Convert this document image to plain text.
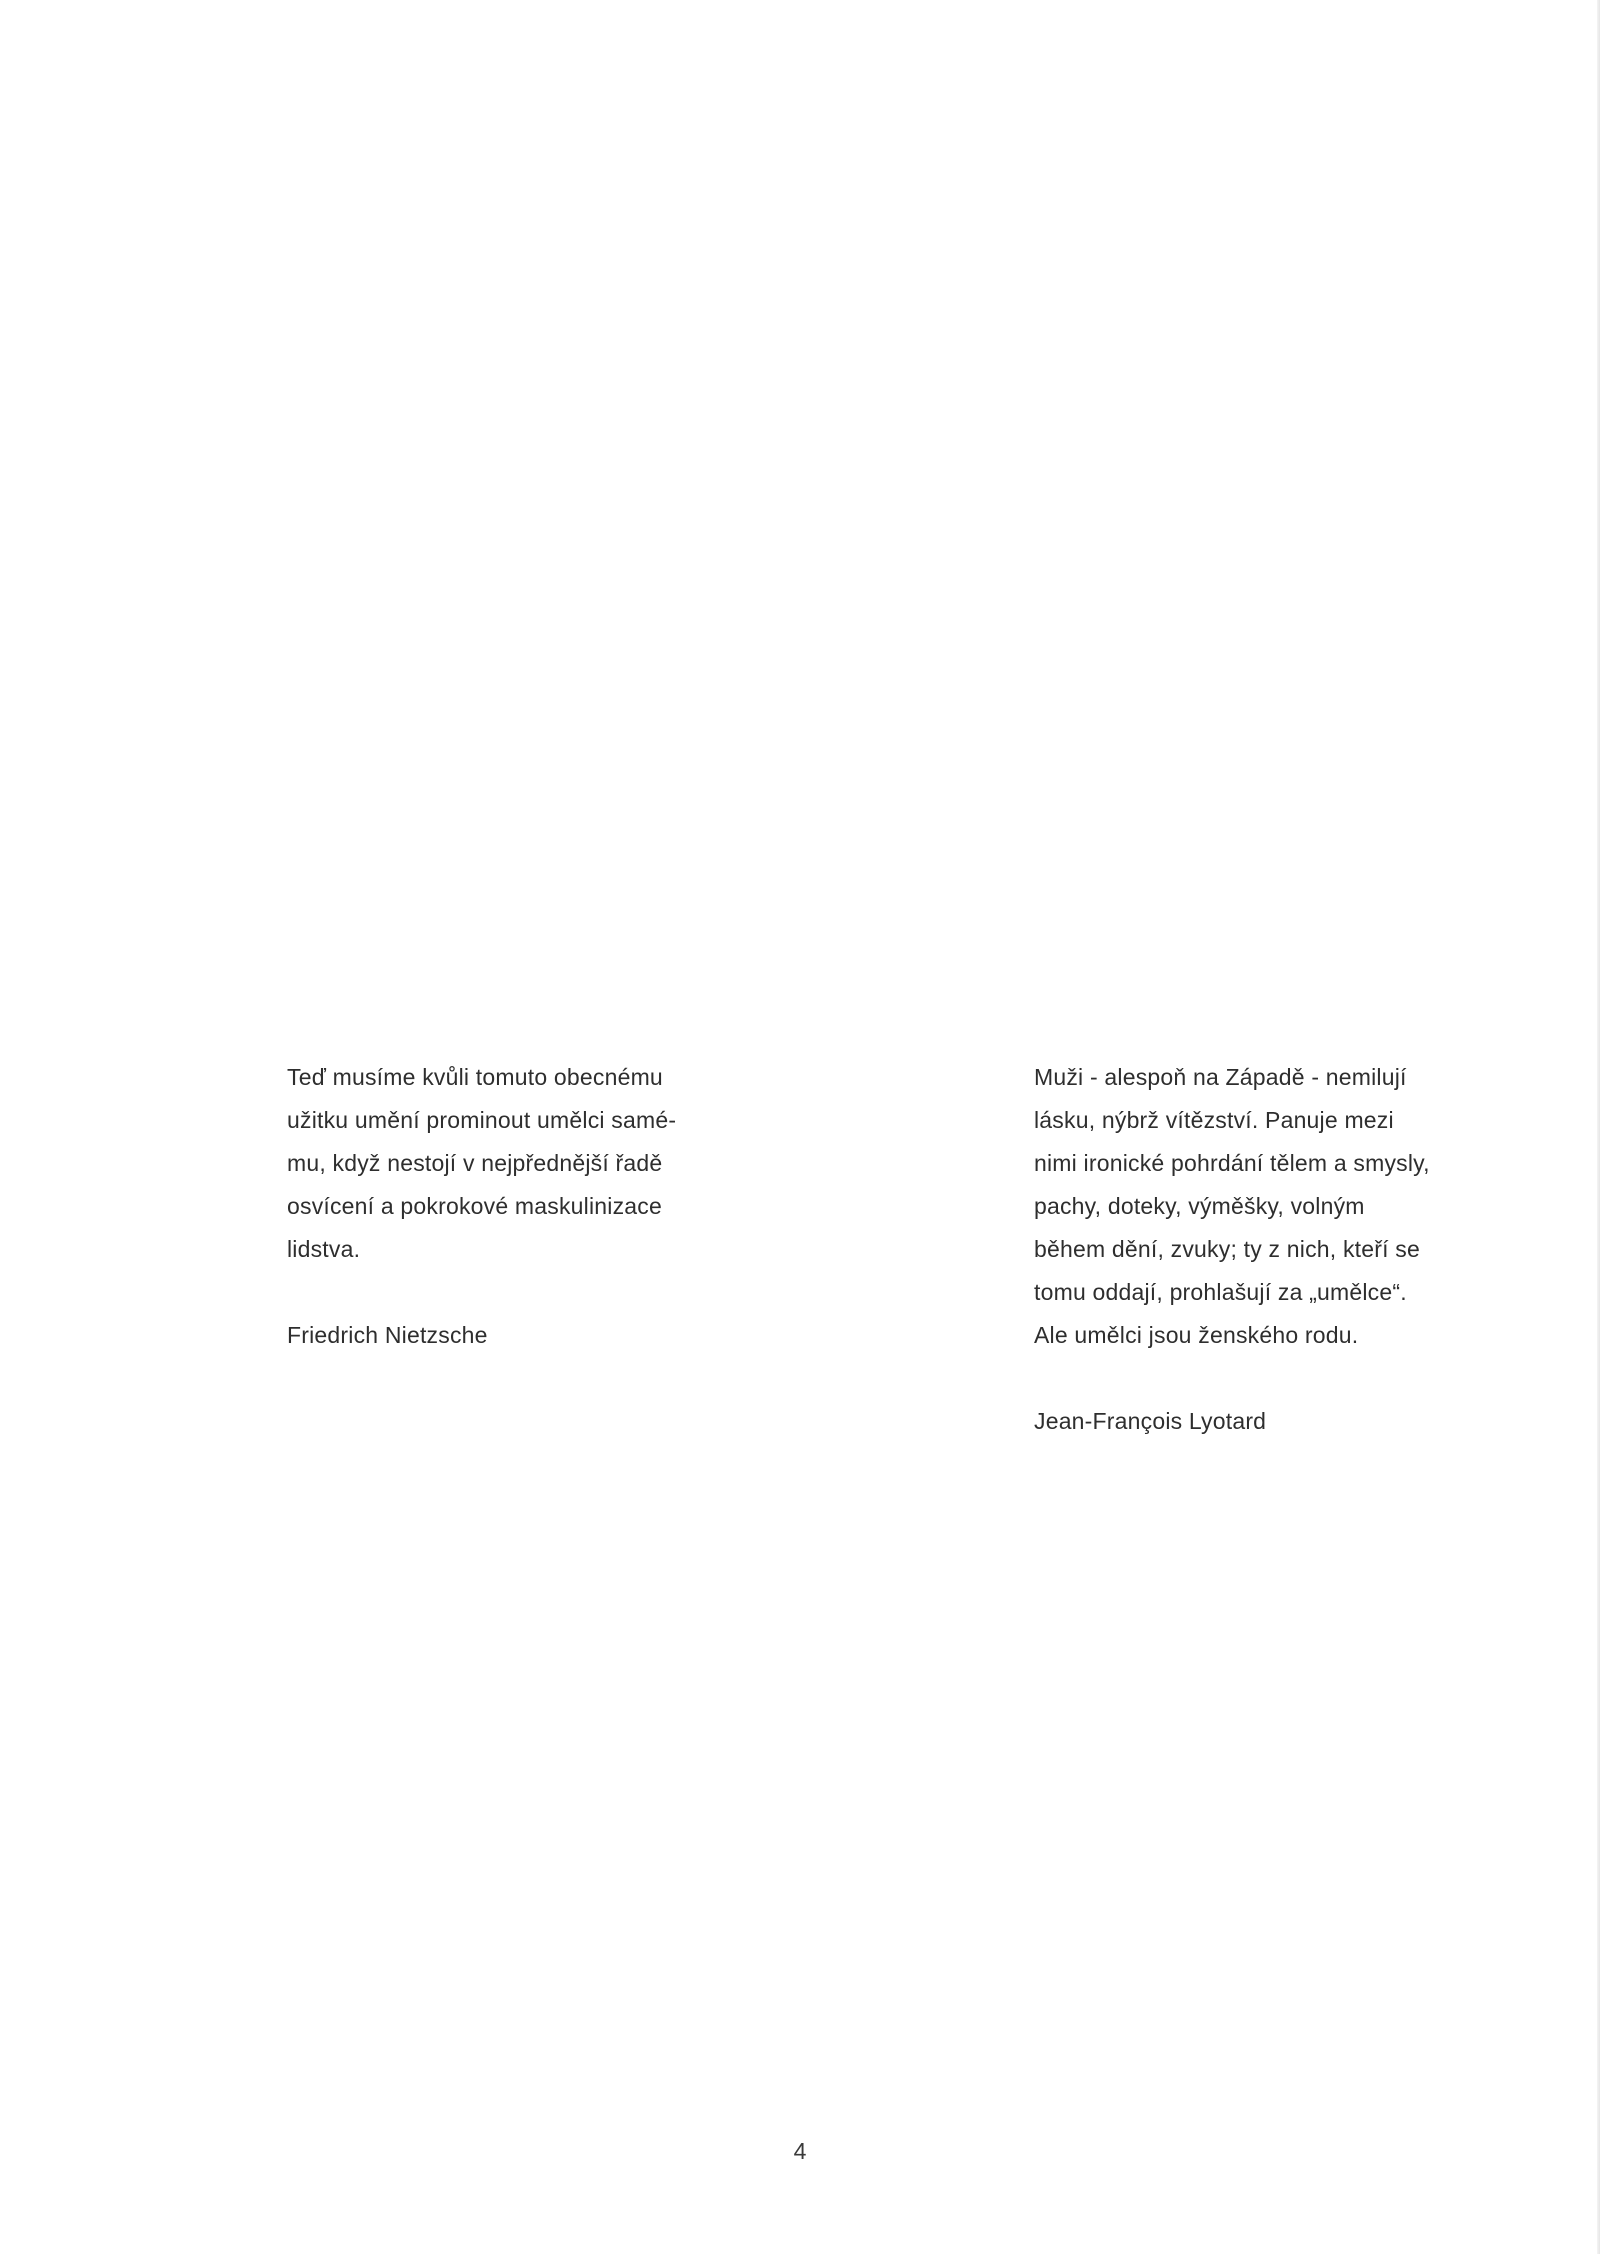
Teď musíme kvůli tomuto obecnému
užitku umění prominout umělci samé-
mu, když nestojí v nejpřednější řadě
osvícení a pokrokové maskulinizace
lidstva.

Friedrich Nietzsche

Muži - alespoň na Západě - nemilují
lásku, nýbrž vítězství. Panuje mezi
nimi ironické pohrdání tělem a smysly,
pachy, doteky, výměšky, volným
během dění, zvuky; ty z nich, kteří se
tomu oddají, prohlašují za „umělce“.
Ale umělci jsou ženského rodu.

Jean-François Lyotard

4
